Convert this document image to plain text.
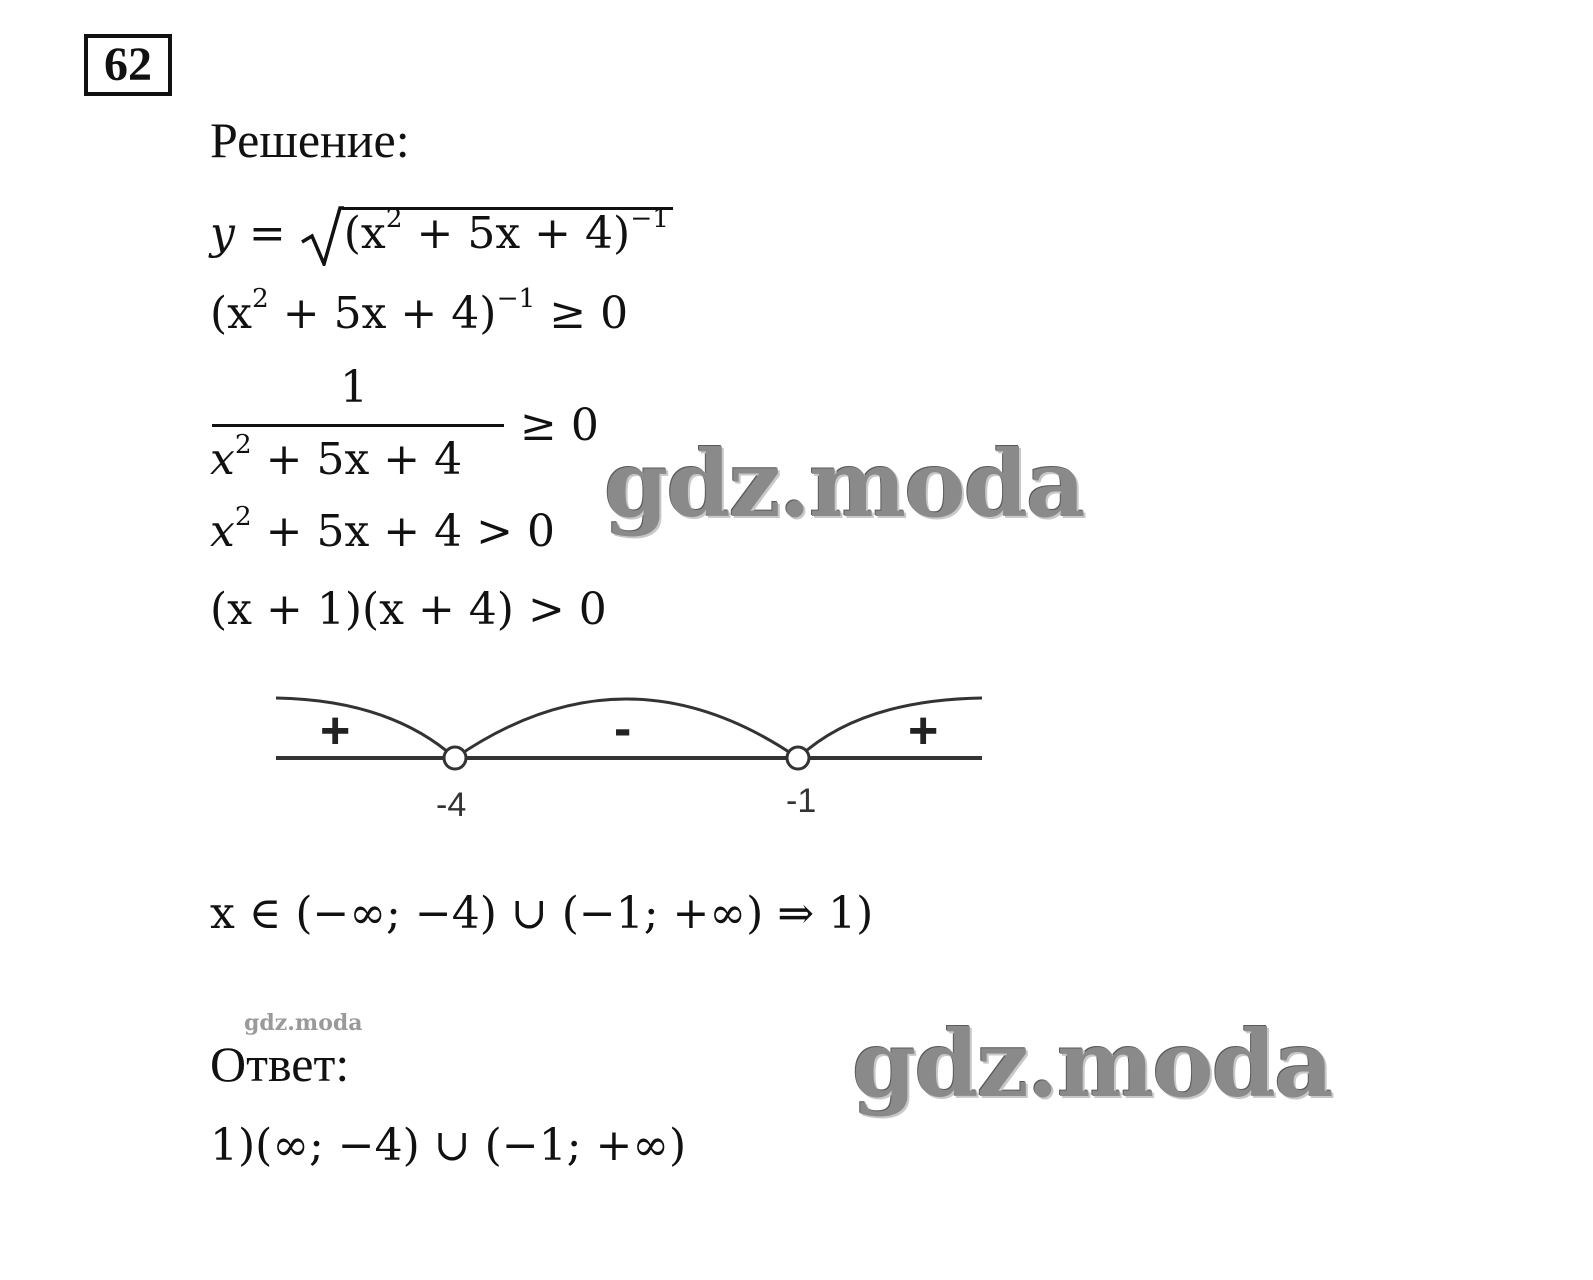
62
Решение:
$y = (x^2 + 5x + 4)^{-1}$
$(x^2 + 5x + 4)^{-1} \ge 0$
1
$x^2 + 5x + 4$
≥ 0
$x^2 + 5x + 4 > 0$
(x + 1)(x + 4) > 0
+	-	+
-4	-1
x ∈ (−∞; −4) ∪ (−1; +∞) ⇒ 1)
Ответ:
1)(∞; −4) ∪ (−1; +∞)
gdz.moda
gdz.moda
gdz.moda
